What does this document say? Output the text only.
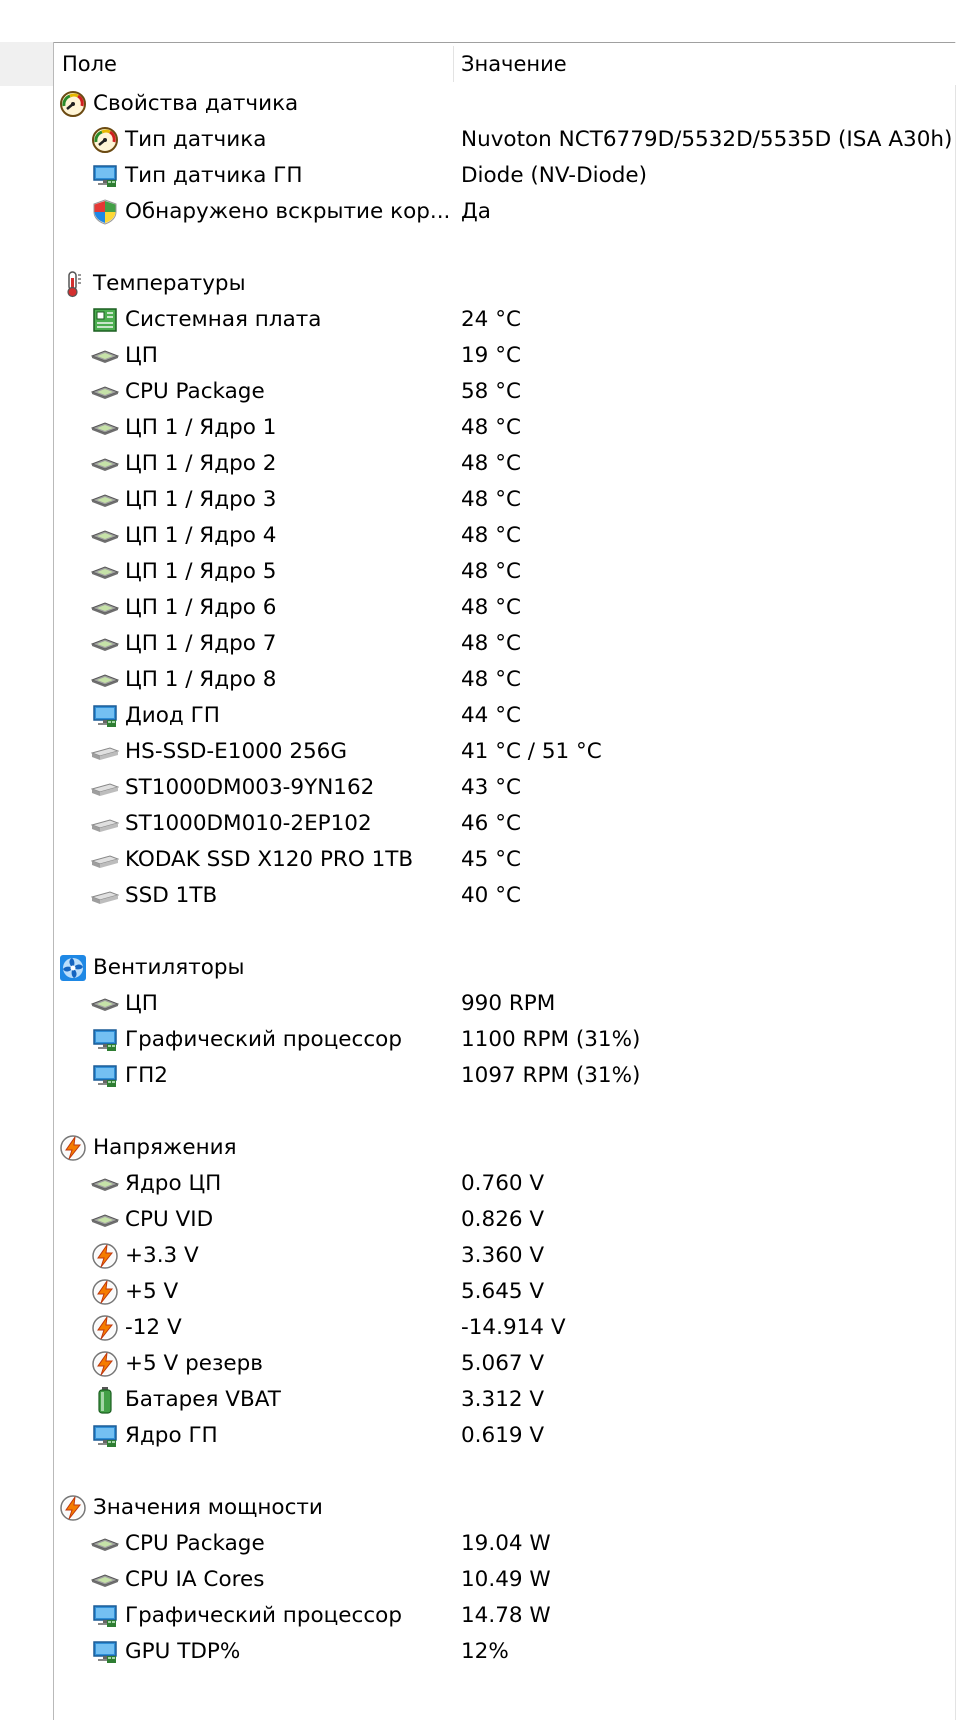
Поле	Значение
Свойства датчика
Тип датчика	Nuvoton NCT6779D/5532D/5535D (ISA A30h)
Тип датчика ГП	Diode (NV-Diode)
Обнаружено вскрытие кор... Да
Температуры
Системная плата	24 °C
ЦП	19 °C
CPU Package	58 °C
ЦП 1 / Ядро 1	48 °C
ЦП 1 / Ядро 2	48 °C
ЦП 1 / Ядро 3	48 °C
ЦП 1 / Ядро 4	48 °C
ЦП 1 / Ядро 5	48 °C
ЦП 1 / Ядро 6	48 °C
ЦП 1 / Ядро 7	48 °C
ЦП 1 / Ядро 8	48 °C
Диод ГП	44 °C
HS-SSD-E1000 256G	41 °C / 51 °C
ST1000DM003-9YN162	43 °C
ST1000DM010-2EP102	46 °C
KODAK SSD X120 PRO 1TB 45 °C
SSD 1TB	40 °C
Вентиляторы
ЦП	990 RPM
Графический процессор	1100 RPM (31%)
ГП2	1097 RPM (31%)
Напряжения
Ядро ЦП	0.760 V
CPU VID	0.826 V
+3.3 V	3.360 V
+5 V	5.645 V
-12 V	-14.914 V
+5 V резерв	5.067 V
Батарея VBAT	3.312 V
Ядро ГП	0.619 V
Значения мощности
CPU Package	19.04 W
CPU IA Cores	10.49 W
Графический процессор	14.78 W
GPU TDP%	12%
